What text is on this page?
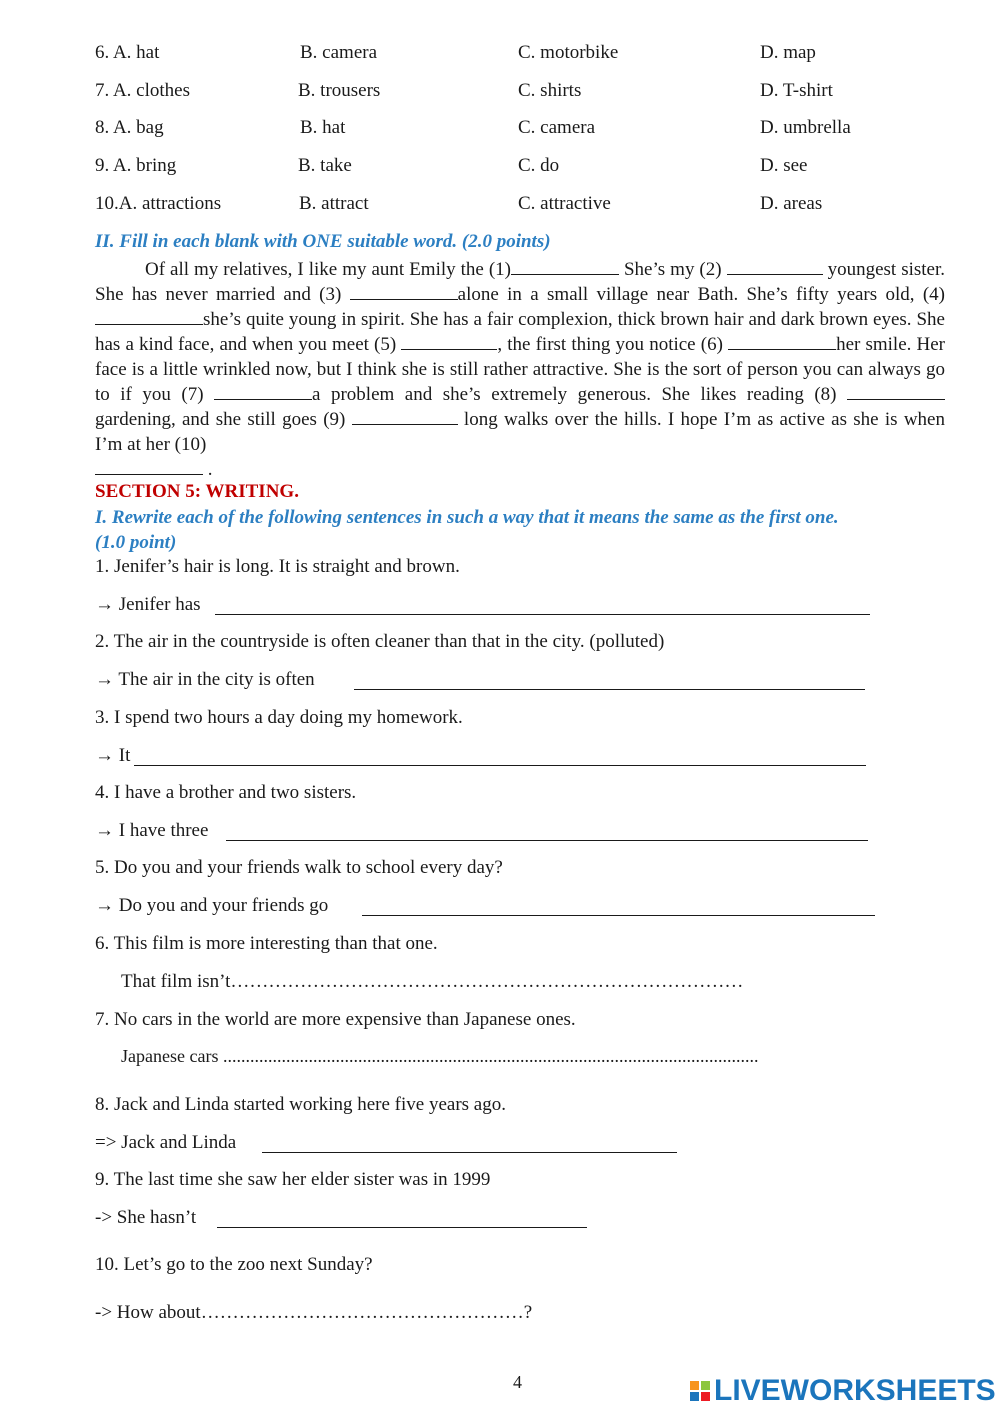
6. A. hat	B. camera	C. motorbike	D. map
7. A. clothes	B. trousers	C. shirts	D. T-shirt
8. A. bag	B. hat	C. camera	D. umbrella
9. A. bring	B. take	C. do	D. see
10.A. attractions	B. attract	C. attractive	D. areas
II. Fill in each blank with ONE suitable word. (2.0 points)
Of all my relatives, I like my aunt Emily the (1)	She’s my (2)	youngest sister. She has never married and (3)	alone in a small village near Bath. She’s fifty years old, (4) she’s quite young in spirit. She has a fair complexion, thick brown hair and dark brown eyes. She has a kind face, and when you meet (5)	, the first thing you notice (6)	her smile. Her face is a little wrinkled now, but I think she is still rather attractive. She is the sort of person you can always go to if you (7)	a problem and she’s extremely generous. She likes reading (8) gardening, and she still goes (9)	long walks over the hills. I hope I’m as active as she is when I’m at her (10)
.
SECTION 5: WRITING.
I. Rewrite each of the following sentences in such a way that it means the same as the first one.
(1.0 point)
1. Jenifer’s hair is long. It is straight and brown.
→ Jenifer has
2. The air in the countryside is often cleaner than that in the city. (polluted)
→ The air in the city is often
3. I spend two hours a day doing my homework.
→ It
4. I have a brother and two sisters.
→ I have three
5. Do you and your friends walk to school every day?
→ Do you and your friends go
6. This film is more interesting than that one.
That film isn’t………………………………………………………………………
7. No cars in the world are more expensive than Japanese ones.
Japanese cars .......................................................................................................................
8. Jack and Linda started working here five years ago.
=> Jack and Linda
9. The last time she saw her elder sister was in 1999
-> She hasn’t
10. Let’s go to the zoo next Sunday?
-> How about……………………………………………?
4	LIVEWORKSHEETS
